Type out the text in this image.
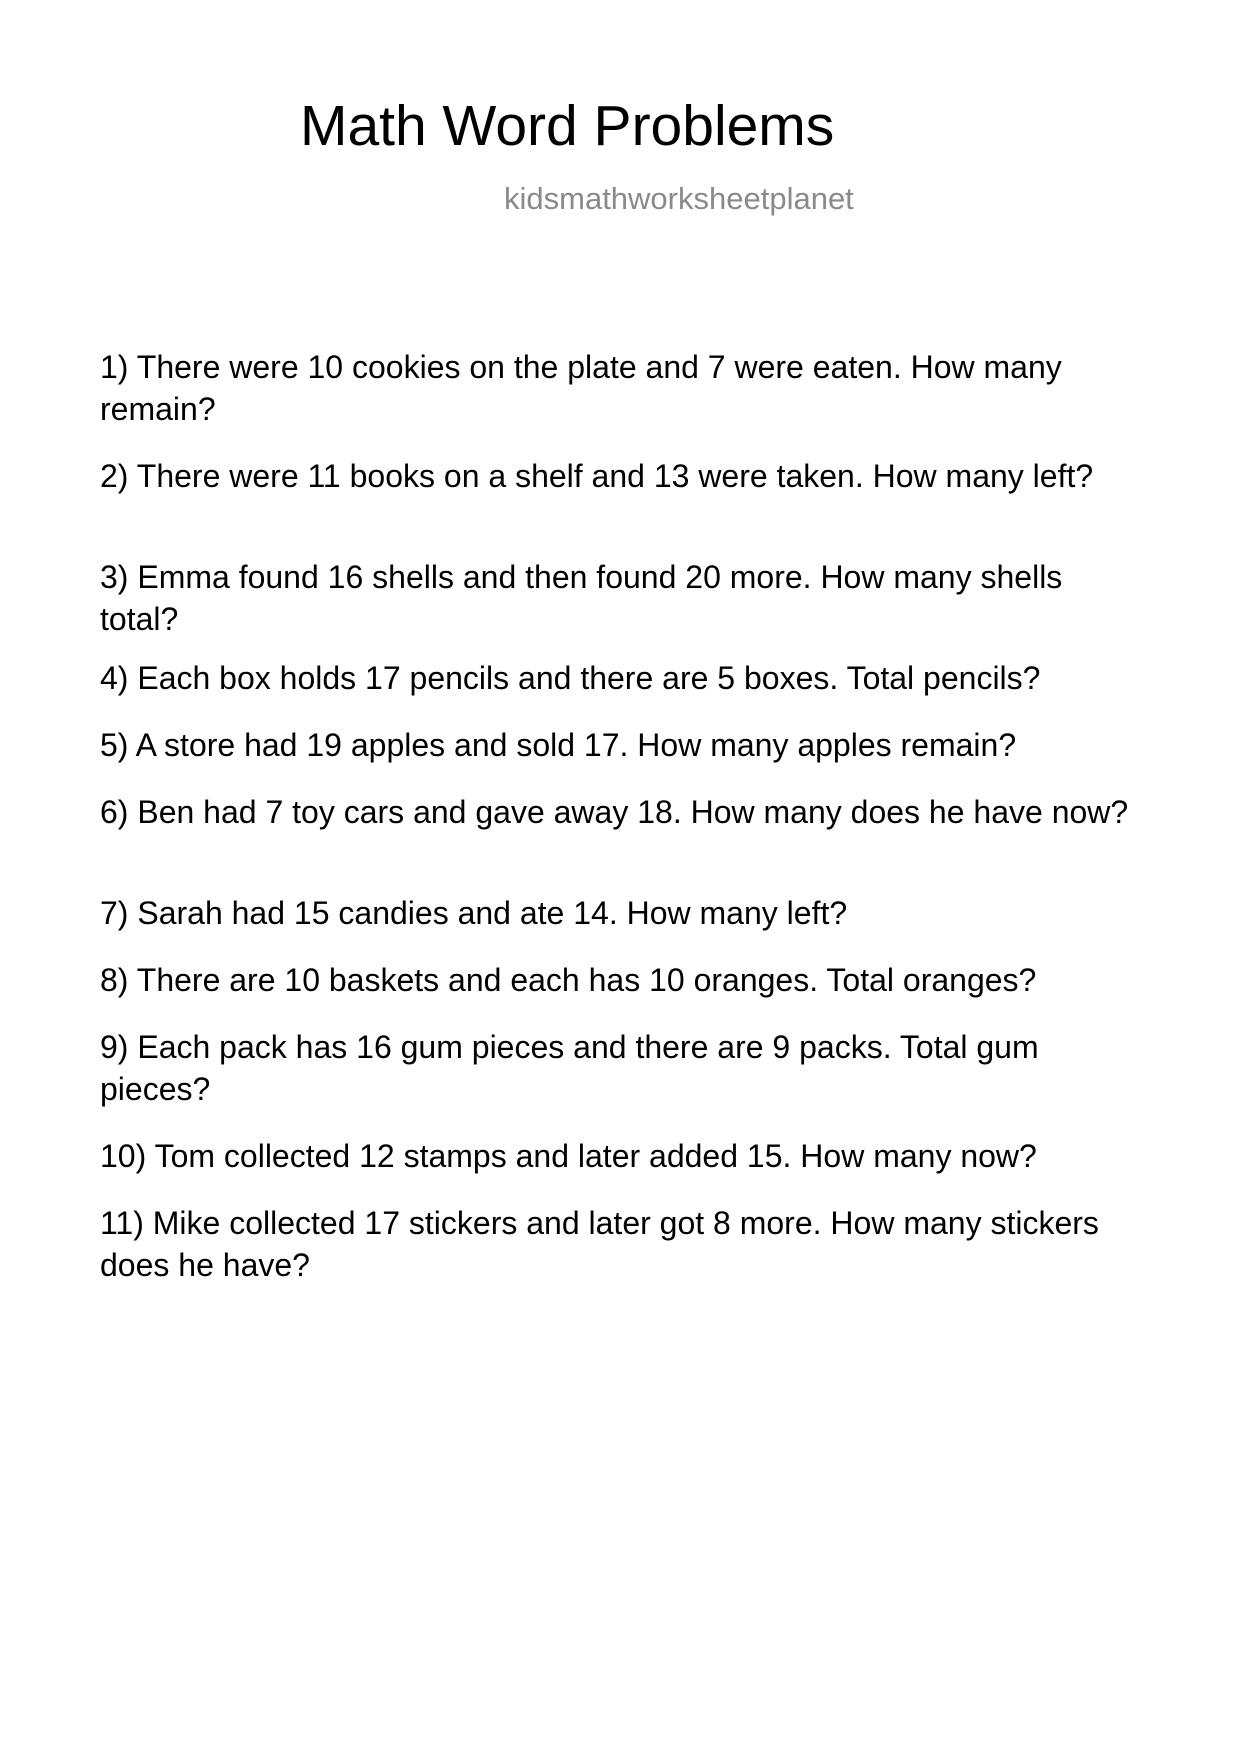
Math Word Problems

kidsmathworksheetplanet

1) There were 10 cookies on the plate and 7 were eaten. How many remain?

2) There were 11 books on a shelf and 13 were taken. How many left?

3) Emma found 16 shells and then found 20 more. How many shells total?

4) Each box holds 17 pencils and there are 5 boxes. Total pencils?

5) A store had 19 apples and sold 17. How many apples remain?

6) Ben had 7 toy cars and gave away 18. How many does he have now?

7) Sarah had 15 candies and ate 14. How many left?

8) There are 10 baskets and each has 10 oranges. Total oranges?

9) Each pack has 16 gum pieces and there are 9 packs. Total gum pieces?

10) Tom collected 12 stamps and later added 15. How many now?

11) Mike collected 17 stickers and later got 8 more. How many stickers does he have?
